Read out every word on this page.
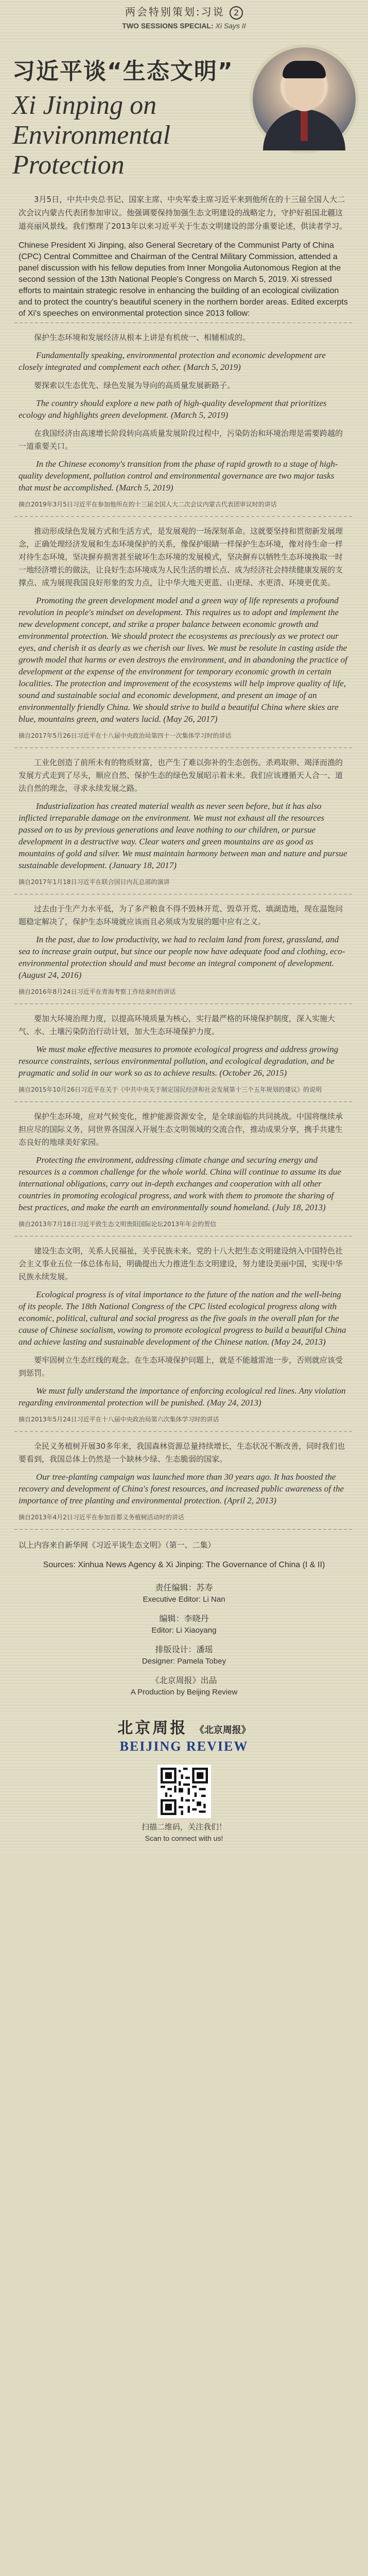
两会特别策划:习说 2
TWO SESSIONS SPECIAL: Xi Says II
习近平谈“生态文明”
Xi Jinping on Environmental Protection

3月5日，中共中央总书记、国家主席、中央军委主席习近平来到他所在的十三届全国人大二次会议内蒙古代表团参加审议。他强调要保持加强生态文明建设的战略定力，守护好祖国北疆这道亮丽风景线。我们整理了2013年以来习近平关于生态文明建设的部分重要论述，供读者学习。

Chinese President Xi Jinping, also General Secretary of the Communist Party of China (CPC) Central Committee and Chairman of the Central Military Commission, attended a panel discussion with his fellow deputies from Inner Mongolia Autonomous Region at the second session of the 13th National People's Congress on March 5, 2019. Xi stressed efforts to maintain strategic resolve in enhancing the building of an ecological civilization and to protect the country's beautiful scenery in the northern border areas. Edited excerpts of Xi's speeches on environmental protection since 2013 follow:

保护生态环境和发展经济从根本上讲是有机统一、相辅相成的。

Fundamentally speaking, environmental protection and economic development are closely integrated and complement each other. (March 5, 2019)

要探索以生态优先、绿色发展为导向的高质量发展新路子。

The country should explore a new path of high-quality development that prioritizes ecology and highlights green development. (March 5, 2019)

在我国经济由高速增长阶段转向高质量发展阶段过程中，污染防治和环境治理是需要跨越的一道重要关口。

In the Chinese economy's transition from the phase of rapid growth to a stage of high-quality development, pollution control and environmental governance are two major tasks that must be accomplished. (March 5, 2019)

摘自2019年3月5日习近平在参加他所在的十三届全国人大二次会议内蒙古代表团审议时的讲话

推动形成绿色发展方式和生活方式，是发展观的一场深刻革命。这就要坚持和贯彻新发展理念，正确处理经济发展和生态环境保护的关系，像保护眼睛一样保护生态环境，像对待生命一样对待生态环境，坚决摒弃损害甚至破坏生态环境的发展模式，坚决摒弃以牺牲生态环境换取一时一地经济增长的做法，让良好生态环境成为人民生活的增长点、成为经济社会持续健康发展的支撑点、成为展现我国良好形象的发力点，让中华大地天更蓝、山更绿、水更清、环境更优美。

Promoting the green development model and a green way of life represents a profound revolution in people's mindset on development. This requires us to adopt and implement the new development concept, and strike a proper balance between economic growth and environmental protection. We should protect the ecosystems as preciously as we protect our eyes, and cherish it as dearly as we cherish our lives. We must be resolute in casting aside the growth model that harms or even destroys the environment, and in abandoning the practice of development at the expense of the environment for temporary economic growth in certain localities. The protection and improvement of the ecosystems will help improve quality of life, sound and sustainable social and economic development, and present an image of an environmentally friendly China. We should strive to build a beautiful China where skies are blue, mountains green, and waters lucid. (May 26, 2017)

摘自2017年5月26日习近平在十八届中央政治局第四十一次集体学习时的讲话

工业化创造了前所未有的物质财富，也产生了难以弥补的生态创伤。杀鸡取卵、竭泽而渔的发展方式走到了尽头，顺应自然、保护生态的绿色发展昭示着未来。我们应该遵循天人合一、道法自然的理念，寻求永续发展之路。

Industrialization has created material wealth as never seen before, but it has also inflicted irreparable damage on the environment. We must not exhaust all the resources passed on to us by previous generations and leave nothing to our children, or pursue development in a destructive way. Clear waters and green mountains are as good as mountains of gold and silver. We must maintain harmony between man and nature and pursue sustainable development. (January 18, 2017)

摘自2017年1月18日习近平在联合国日内瓦总部的演讲

过去由于生产力水平低，为了多产粮食不得不毁林开荒、毁草开荒、填湖造地，现在温饱问题稳定解决了，保护生态环境就应该而且必须成为发展的题中应有之义。

In the past, due to low productivity, we had to reclaim land from forest, grassland, and sea to increase grain output, but since our people now have adequate food and clothing, eco-environmental protection should and must become an integral component of development. (August 24, 2016)

摘自2016年8月24日习近平在青海考察工作结束时的讲话

要加大环境治理力度，以提高环境质量为核心，实行最严格的环境保护制度，深入实施大气、水、土壤污染防治行动计划，加大生态环境保护力度。

We must make effective measures to promote ecological progress and address growing resource constraints, serious environmental pollution, and ecological degradation, and be pragmatic and solid in our work so as to achieve results. (October 26, 2015)

摘自2015年10月26日习近平在关于《中共中央关于制定国民经济和社会发展第十三个五年规划的建议》的说明

保护生态环境，应对气候变化，维护能源资源安全，是全球面临的共同挑战。中国将继续承担应尽的国际义务，同世界各国深入开展生态文明领域的交流合作，推动成果分享，携手共建生态良好的地球美好家园。

Protecting the environment, addressing climate change and securing energy and resources is a common challenge for the whole world. China will continue to assume its due international obligations, carry out in-depth exchanges and cooperation with all other countries in promoting ecological progress, and work with them to promote the sharing of best practices, and make the earth an environmentally sound homeland. (July 18, 2013)

摘自2013年7月18日习近平致生态文明贵阳国际论坛2013年年会的贺信

建设生态文明，关系人民福祉，关乎民族未来。党的十八大把生态文明建设纳入中国特色社会主义事业五位一体总体布局，明确提出大力推进生态文明建设，努力建设美丽中国，实现中华民族永续发展。

Ecological progress is of vital importance to the future of the nation and the well-being of its people. The 18th National Congress of the CPC listed ecological progress along with economic, political, cultural and social progress as the five goals in the overall plan for the cause of Chinese socialism, vowing to promote ecological progress to build a beautiful China and achieve lasting and sustainable development of the Chinese nation. (May 24, 2013)

要牢固树立生态红线的观念。在生态环境保护问题上，就是不能越雷池一步，否则就应该受到惩罚。

We must fully understand the importance of enforcing ecological red lines. Any violation regarding environmental protection will be punished. (May 24, 2013)

摘自2013年5月24日习近平在十八届中央政治局第六次集体学习时的讲话

全民义务植树开展30多年来，我国森林资源总量持续增长，生态状况不断改善，同时我们也要看到，我国总体上仍然是一个缺林少绿、生态脆弱的国家。

Our tree-planting campaign was launched more than 30 years ago. It has boosted the recovery and development of China's forest resources, and increased public awareness of the importance of tree planting and environmental protection. (April 2, 2013)

摘自2013年4月2日习近平在参加首都义务植树活动时的讲话

以上内容来自新华网《习近平谈生态文明》（第一、二集）

Sources: Xinhua News Agency & Xi Jinping: The Governance of China (I & II)

责任编辑：苏寿

Executive Editor: Li Nan

编辑：李晓丹

Editor: Li Xiaoyang

排版设计：潘瑶

Designer: Pamela Tobey

《北京周报》出品

A Production by Beijing Review

北京周报 《北京周报》
BEIJING REVIEW

扫描二维码，关注我们！

Scan to connect with us!
